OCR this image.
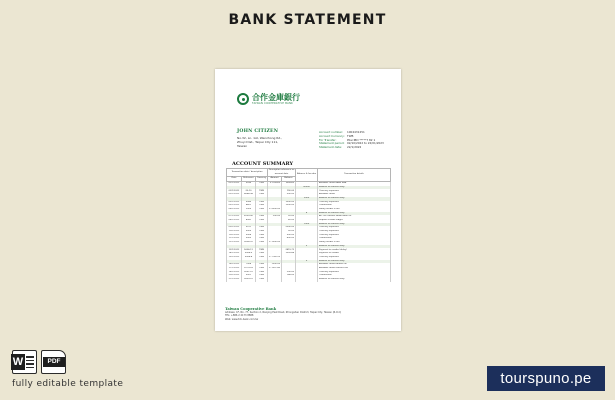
BANK STATEMENT
合作金庫銀行
TAIWAN COOPERATIVE BANK
JOHN CITIZEN
No.32, Ln. 1st, Wenzhong Rd.,
Zhuyi Dist., Taipei City 111,
Taiwan
Account number:	1004431251
Account Currency: TWB
For Transfer:	Pbsi IBD *****7 82 1
Statement period: 02/10/2022 to 22/01/2023
Statement date:	22/1/2022
ACCOUNT SUMMARY
Transaction date / description			Description reference on account date		Balance & fee-due	Transaction details
Date	Reference	Currency	Amount	Balance		
02/1/2022	5249	TWB	+ 100000	400000		Available funds BANK BNB
					50000	Balance of transfer alloy
03/1/2022	20-10	TWB		190.00		Currency expenses
03/1/2022	8048-38	TWB		500.00		Available funds
					2000	Balance of transfer alloy
05/1/2022	5049	TWB		1000.00		Currency expenses
05/1/2022	4801	TWB		1000.00		Commission
06/1/2022	2009	TWB	+ 5000.00			Salary sender's info
					6	Balance of transfer alloy
07/1/2022	6259-00	TWB	200.00	55.00		ATL fee transfer Asian Bank (d)
08/1/2022	8041	TWB		65.00		Deposit of bank ledger
					1000	Balance of transfer alloy
09/1/2022	5011	TWB		2000.00		Currency expenses
10/1/2022	5009	TWB		50.00		Currency expenses
10/1/2022	5008	TWB		900.00		Currency expenses
11/1/2022	5005	TWB		400.00		Commission
12/1/2022	5004-10	TWB	+ 1000.00			Salary sender's info
					5	Balance of transfer alloy
13/1/2022	5004-11	TWB		2419.72		Payment to vendor (delay)
14/1/2022	5004-9	TWB		1099.84		Payment to vendor
15/1/2022	5004-8	TWB	+ 1745.20			Currency expenses
					0	Balance of transfer alloy
16/1/2022	7008	TWB	1300.00			Available funds balance all
17/1/2022	5270-03	TWB	+ 1097.40			Available funds transfer call
18/1/2022	5091-01	TWB		200.00		Currency expenses
20/1/2022	5001	TWB		148.00		Commission
21/1/2022	5000-01	TWB				Balance of transfer alloy
Taiwan Cooperative Bank
Address: 1F, No. 77, Section 2, Nanjing East Road, Zhongshan District, Taipei City, Taiwan (R.O.C)
TEL: +886 2 2173 8888
Web: www.tcb-bank.com.tw
W	PDF
fully editable template	tourspuno.pe
